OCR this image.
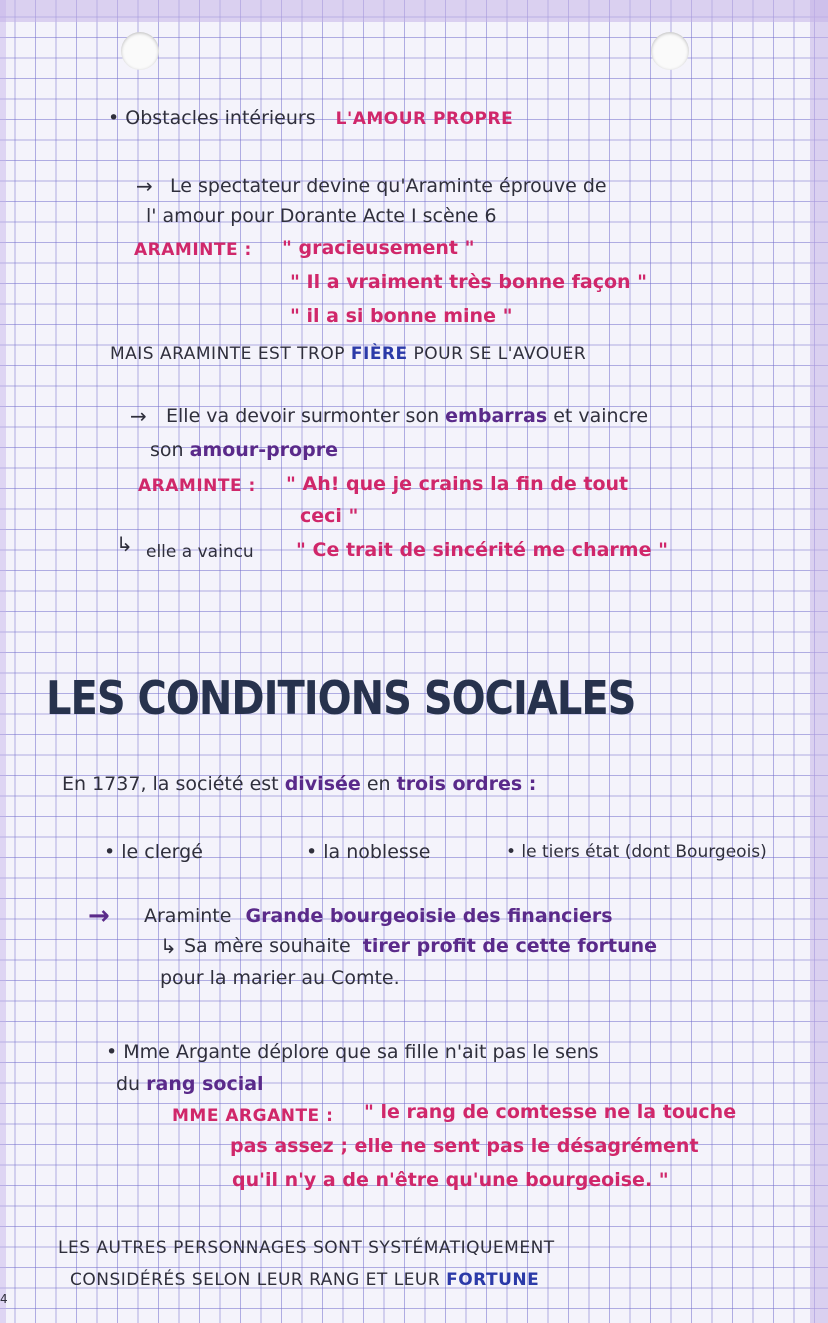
• Obstacles intérieurs L'AMOUR PROPRE
→ Le spectateur devine qu'Araminte éprouve de
l' amour pour Dorante Acte I scène 6
ARAMINTE : " gracieusement "
" Il a vraiment très bonne façon "
" il a si bonne mine "
MAIS ARAMINTE EST TROP FIÈRE POUR SE L'AVOUER
→ Elle va devoir surmonter son embarras et vaincre
son amour-propre
ARAMINTE : " Ah! que je crains la fin de tout
ceci "
↳ elle a vaincu " Ce trait de sincérité me charme "
LES CONDITIONS SOCIALES
En 1737, la société est divisée en trois ordres :
• le clergé	• la noblesse	• le tiers état (dont Bourgeois)
→ Araminte Grande bourgeoisie des financiers
↳ Sa mère souhaite tirer profit de cette fortune
pour la marier au Comte.
• Mme Argante déplore que sa fille n'ait pas le sens
du rang social
MME ARGANTE : " le rang de comtesse ne la touche
pas assez ; elle ne sent pas le désagrément
qu'il n'y a de n'être qu'une bourgeoise. "
LES AUTRES PERSONNAGES SONT SYSTÉMATIQUEMENT
CONSIDÉRÉS SELON LEUR RANG ET LEUR FORTUNE
4
